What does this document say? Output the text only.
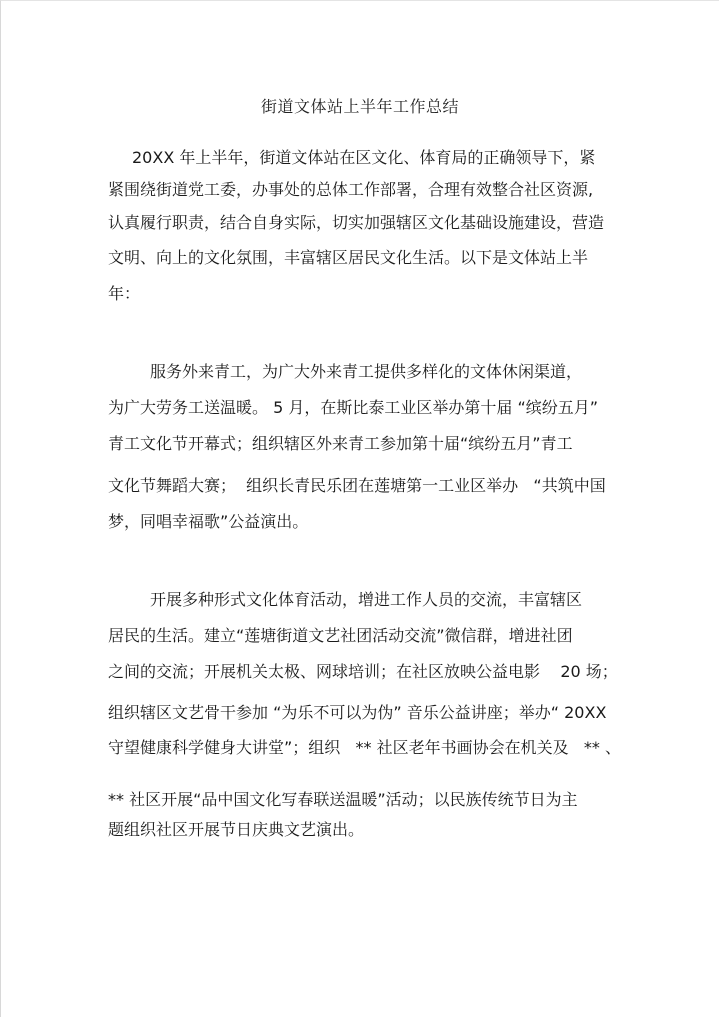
街道文体站上半年工作总结
20XX 年上半年，街道文体站在区文化、体育局的正确领导下，紧
紧围绕街道党工委，办事处的总体工作部署，合理有效整合社区资源,
认真履行职责，结合自身实际，切实加强辖区文化基础设施建设，营造
文明、向上的文化氛围，丰富辖区居民文化生活。以下是文体站上半
年：
服务外来青工，为广大外来青工提供多样化的文体休闲渠道，
为广大劳务工送温暖。 5 月，在斯比泰工业区举办第十届 “缤纷五月”
青工文化节开幕式；组织辖区外来青工参加第十届“缤纷五月”青工
文化节舞蹈大赛；  组织长青民乐团在莲塘第一工业区举办   “共筑中国
梦，同唱幸福歌”公益演出。
开展多种形式文化体育活动，增进工作人员的交流，丰富辖区
居民的生活。建立“莲塘街道文艺社团活动交流”微信群，增进社团
之间的交流；开展机关太极、网球培训；在社区放映公益电影    20 场；
组织辖区文艺骨干参加 “为乐不可以为伪” 音乐公益讲座；举办“ 20XX
守望健康科学健身大讲堂”；组织   ** 社区老年书画协会在机关及   ** 、
** 社区开展“品中国文化写春联送温暖”活动；以民族传统节日为主
题组织社区开展节日庆典文艺演出。
